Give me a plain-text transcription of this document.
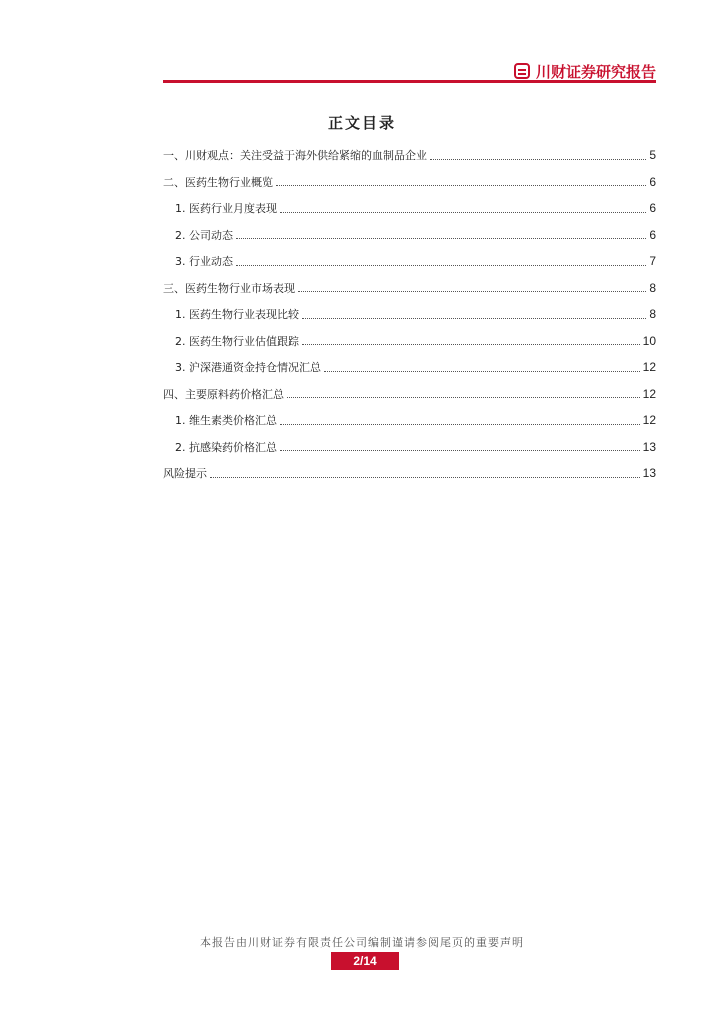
川财证券研究报告
正文目录
一、川财观点：关注受益于海外供给紧缩的血制品企业	5
二、医药生物行业概览	6
1. 医药行业月度表现	6
2. 公司动态	6
3. 行业动态	7
三、医药生物行业市场表现	8
1. 医药生物行业表现比较	8
2. 医药生物行业估值跟踪	10
3. 沪深港通资金持仓情况汇总	12
四、主要原料药价格汇总	12
1. 维生素类价格汇总	12
2. 抗感染药价格汇总	13
风险提示	13
本报告由川财证券有限责任公司编制谨请参阅尾页的重要声明
2/14
